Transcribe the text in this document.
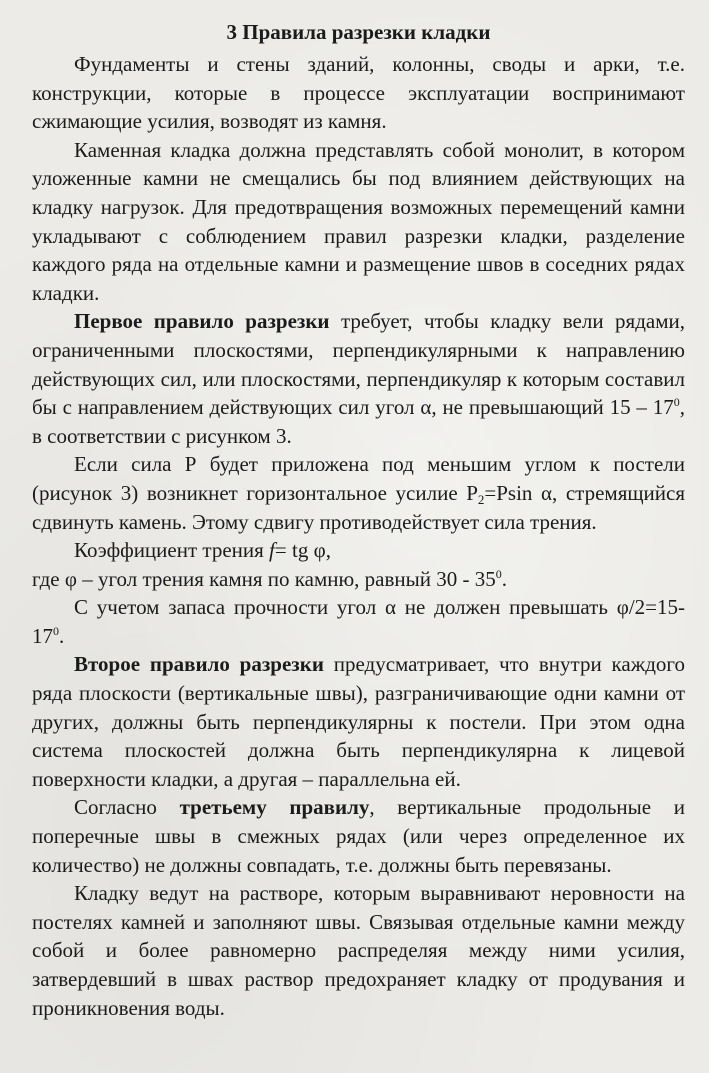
3 Правила разрезки кладки

Фундаменты и стены зданий, колонны, своды и арки, т.е. конструкции, которые в процессе эксплуатации воспринимают сжимающие усилия, возводят из камня.

Каменная кладка должна представлять собой монолит, в котором уложенные камни не смещались бы под влиянием действующих на кладку нагрузок. Для предотвращения возможных перемещений камни укладывают с соблюдением правил разрезки кладки, разделение каждого ряда на отдельные камни и размещение швов в соседних рядах кладки.

Первое правило разрезки требует, чтобы кладку вели рядами, ограниченными плоскостями, перпендикулярными к направлению действующих сил, или плоскостями, перпендикуляр к которым составил бы с направлением действующих сил угол α, не превышающий $15 - 17^0$, в соответствии с рисунком 3.

Если сила Р будет приложена под меньшим углом к постели (рисунок 3) возникнет горизонтальное усилие $P_2=Psin$ α, стремящийся сдвинуть камень. Этому сдвигу противодействует сила трения.

Коэффициент трения f= tg φ,

где φ – угол трения камня по камню, равный $30 - 35^0$.

С учетом запаса прочности угол α не должен превышать $\varphi/2=15-17^0$.

Второе правило разрезки предусматривает, что внутри каждого ряда плоскости (вертикальные швы), разграничивающие одни камни от других, должны быть перпендикулярны к постели. При этом одна система плоскостей должна быть перпендикулярна к лицевой поверхности кладки, а другая – параллельна ей.

Согласно третьему правилу, вертикальные продольные и поперечные швы в смежных рядах (или через определенное их количество) не должны совпадать, т.е. должны быть перевязаны.

Кладку ведут на растворе, которым выравнивают неровности на постелях камней и заполняют швы. Связывая отдельные камни между собой и более равномерно распределяя между ними усилия, затвердевший в швах раствор предохраняет кладку от продувания и проникновения воды.
